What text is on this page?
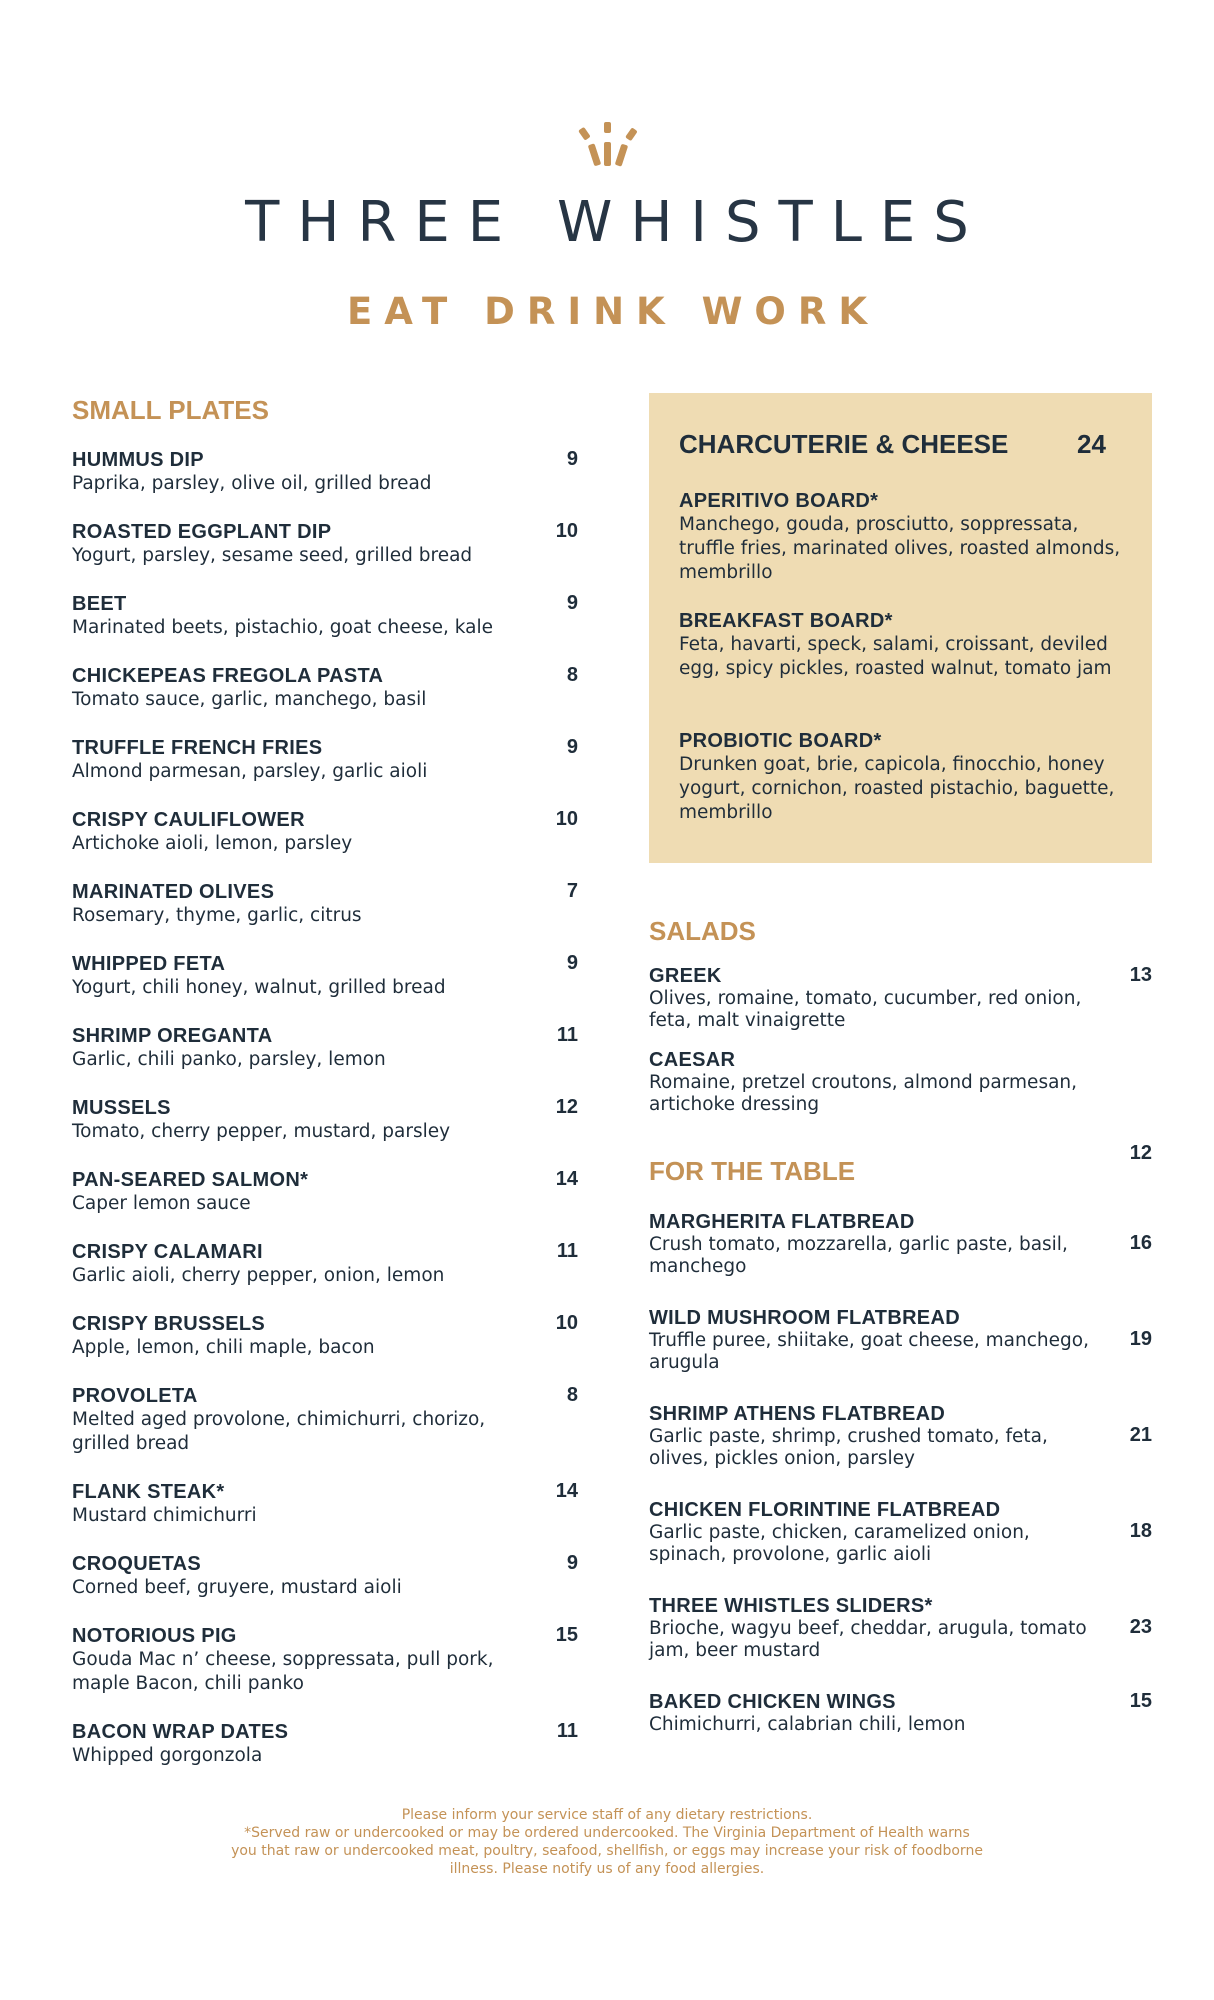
THREE WHISTLES
EAT DRINK WORK
SMALL PLATES
HUMMUS DIP
Paprika, parsley, olive oil, grilled bread
9
ROASTED EGGPLANT DIP
Yogurt, parsley, sesame seed, grilled bread
10
BEET
Marinated beets, pistachio, goat cheese, kale
9
CHICKEPEAS FREGOLA PASTA
Tomato sauce, garlic, manchego, basil
8
TRUFFLE FRENCH FRIES
Almond parmesan, parsley, garlic aioli
9
CRISPY CAULIFLOWER
Artichoke aioli, lemon, parsley
10
MARINATED OLIVES
Rosemary, thyme, garlic, citrus
7
WHIPPED FETA
Yogurt, chili honey, walnut, grilled bread
9
SHRIMP OREGANTA
Garlic, chili panko, parsley, lemon
11
MUSSELS
Tomato, cherry pepper, mustard, parsley
12
PAN-SEARED SALMON*
Caper lemon sauce
14
CRISPY CALAMARI
Garlic aioli, cherry pepper, onion, lemon
11
CRISPY BRUSSELS
Apple, lemon, chili maple, bacon
10
PROVOLETA
Melted aged provolone, chimichurri, chorizo, grilled bread
8
FLANK STEAK*
Mustard chimichurri
14
CROQUETAS
Corned beef, gruyere, mustard aioli
9
NOTORIOUS PIG
Gouda Mac n’ cheese, soppressata, pull pork, maple Bacon, chili panko
15
BACON WRAP DATES
Whipped gorgonzola
11
CHARCUTERIE & CHEESE	24
APERITIVO BOARD*
Manchego, gouda, prosciutto, soppressata, truffle fries, marinated olives, roasted almonds, membrillo
BREAKFAST BOARD*
Feta, havarti, speck, salami, croissant, deviled egg, spicy pickles, roasted walnut, tomato jam
PROBIOTIC BOARD*
Drunken goat, brie, capicola, finocchio, honey yogurt, cornichon, roasted pistachio, baguette, membrillo
SALADS
GREEK
Olives, romaine, tomato, cucumber, red onion, feta, malt vinaigrette
13
CAESAR
Romaine, pretzel croutons, almond parmesan, artichoke dressing
12
FOR THE TABLE
MARGHERITA FLATBREAD
Crush tomato, mozzarella, garlic paste, basil, manchego
16
WILD MUSHROOM FLATBREAD
Truffle puree, shiitake, goat cheese, manchego, arugula
19
SHRIMP ATHENS FLATBREAD
Garlic paste, shrimp, crushed tomato, feta, olives, pickles onion, parsley
21
CHICKEN FLORINTINE FLATBREAD
Garlic paste, chicken, caramelized onion, spinach, provolone, garlic aioli
18
THREE WHISTLES SLIDERS*
Brioche, wagyu beef, cheddar, arugula, tomato jam, beer mustard
23
BAKED CHICKEN WINGS
Chimichurri, calabrian chili, lemon
15
Please inform your service staff of any dietary restrictions.
*Served raw or undercooked or may be ordered undercooked. The Virginia Department of Health warns
you that raw or undercooked meat, poultry, seafood, shellfish, or eggs may increase your risk of foodborne
illness. Please notify us of any food allergies.
